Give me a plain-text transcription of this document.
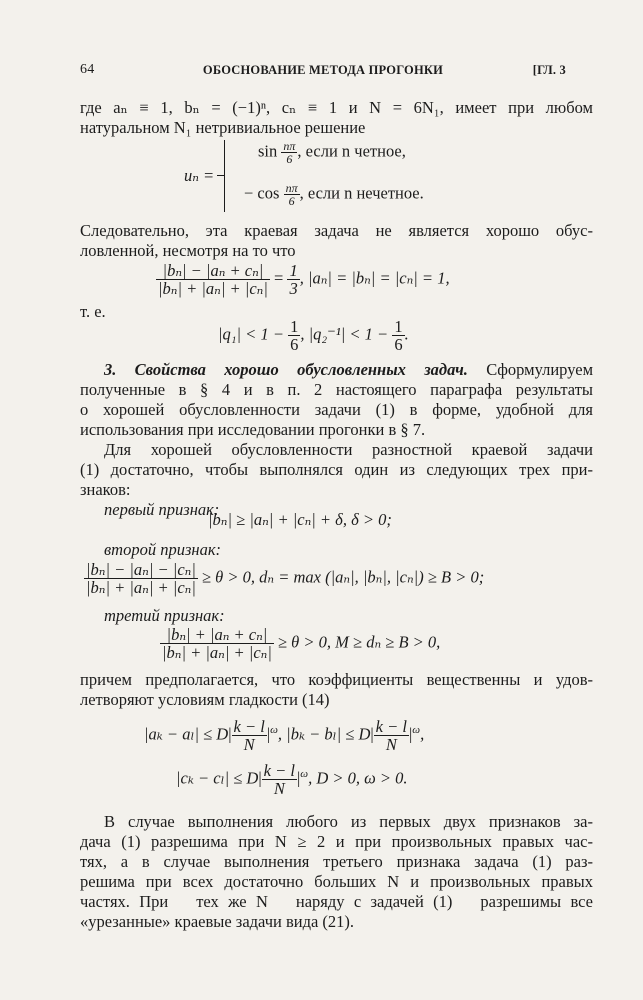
64	ОБОСНОВАНИЕ МЕТОДА ПРОГОНКИ	[ГЛ. 3
где aₙ ≡ 1, bₙ = (−1)ⁿ, cₙ ≡ 1 и N = 6N₁, имеет при любом
натуральном N₁ нетривиальное решение
uₙ =
$\sin \frac{n\pi}{6}$ , если n четное,
− $\cos \frac{n\pi}{6}$ , если n нечетное.
Следовательно, эта краевая задача не является хорошо обус-
ловленной, несмотря на то что
$\frac{\text{|bₙ| − |aₙ + cₙ|}}{\text{|bₙ| + |aₙ| + |cₙ|}} = \frac{1}{3}$ , |aₙ| = |bₙ| = |cₙ| = 1,
т. е.
$|q_1| < 1 - \frac{1}{6}$ , $|q_2^{-1}| < 1 - \frac{1}{6}$ .
3. Свойства хорошо обусловленных задач. Сформулируем
полученные в § 4 и в п. 2 настоящего параграфа результаты
о хорошей обусловленности задачи (1) в форме, удобной для
использования при исследовании прогонки в § 7.
Для хорошей обусловленности разностной краевой задачи
(1) достаточно, чтобы выполнялся один из следующих трех при-
знаков:
первый признак:
|bₙ| ≥ |aₙ| + |cₙ| + δ, δ > 0;
второй признак:
$\frac{\text{|bₙ| − |aₙ| − |cₙ|}}{\text{|bₙ| + |aₙ| + |cₙ|}} \ge \theta > 0$, dₙ = max (|aₙ|, |bₙ|, |cₙ|) ≥ B > 0;
третий признак:
$\frac{\text{|bₙ| + |aₙ + cₙ|}}{\text{|bₙ| + |aₙ| + |cₙ|}} \ge \theta > 0$, M ≥ dₙ ≥ B > 0,
причем предполагается, что коэффициенты вещественны и удов-
летворяют условиям гладкости (14)
$|a_k - a_l| \le D| \frac{k - l}{N} |^\omega$, $|b_k - b_l| \le D| \frac{k - l}{N} |^\omega$,
$|c_k - c_l| \le D| \frac{k - l}{N} |^\omega$, D > 0, ω > 0.
В случае выполнения любого из первых двух признаков за-
дача (1) разрешима при N ≥ 2 и при произвольных правых час-
тях, а в случае выполнения третьего признака задача (1) раз-
решима при всех достаточно больших N и произвольных правых
частях. При   тех же N   наряду с задачей (1)   разрешимы все
«урезанные» краевые задачи вида (21).
